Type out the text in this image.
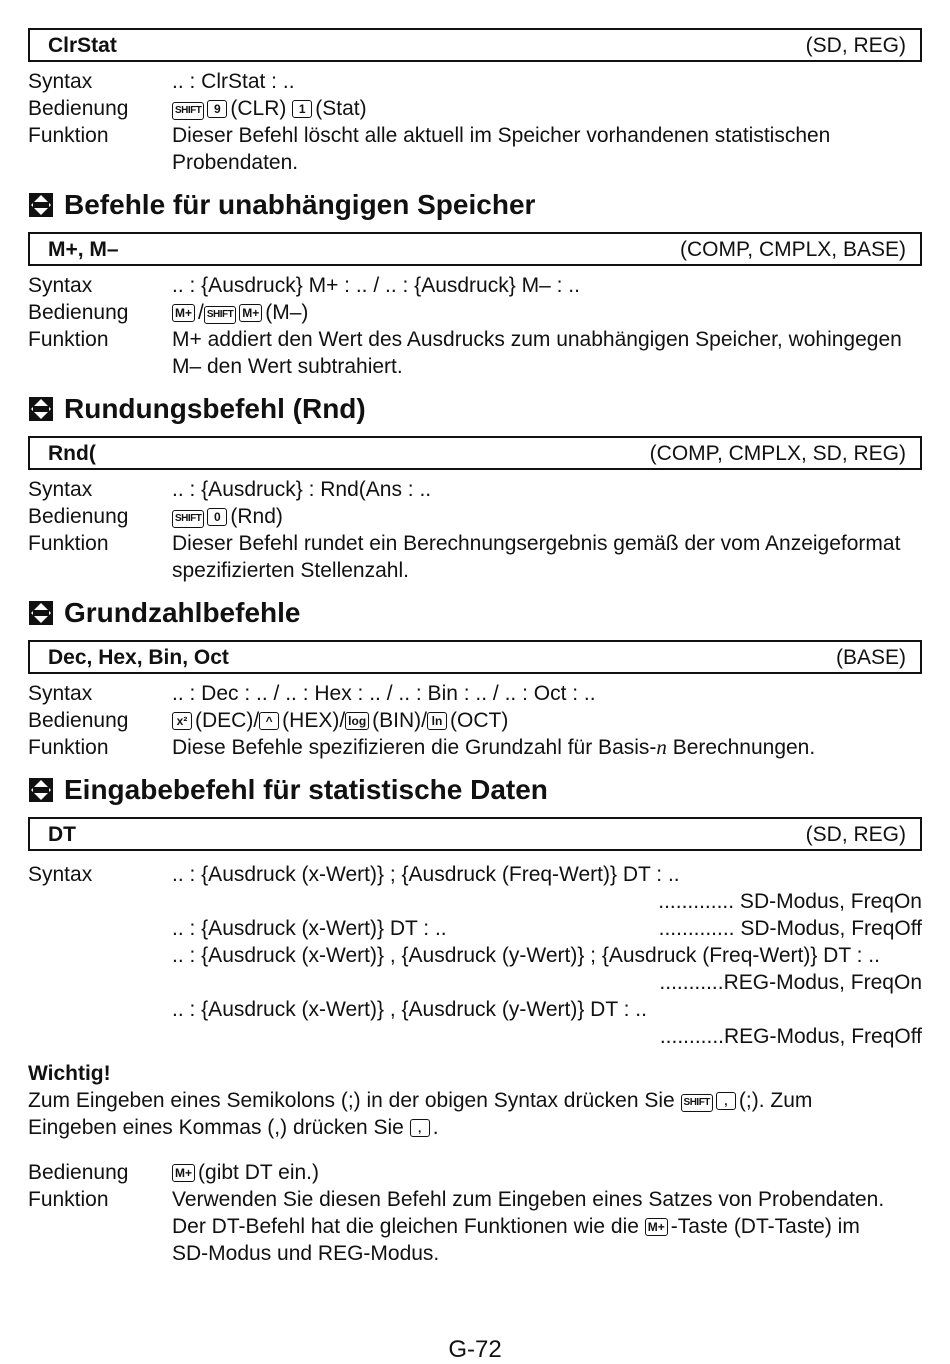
ClrStat	(SD, REG)
Syntax	.. : ClrStat : ..
Bedienung	SHIFT 9 (CLR) 1 (Stat)
Funktion	Dieser Befehl löscht alle aktuell im Speicher vorhandenen statistischen Probendaten.
Befehle für unabhängigen Speicher
M+, M–	(COMP, CMPLX, BASE)
Syntax	.. : {Ausdruck} M+ : .. / .. : {Ausdruck} M– : ..
Bedienung	M+ / SHIFT M+ (M–)
Funktion	M+ addiert den Wert des Ausdrucks zum unabhängigen Speicher, wohingegen M– den Wert subtrahiert.
Rundungsbefehl (Rnd)
Rnd(	(COMP, CMPLX, SD, REG)
Syntax	.. : {Ausdruck} : Rnd(Ans : ..
Bedienung	SHIFT 0 (Rnd)
Funktion	Dieser Befehl rundet ein Berechnungsergebnis gemäß der vom Anzeigeformat spezifizierten Stellenzahl.
Grundzahlbefehle
Dec, Hex, Bin, Oct	(BASE)
Syntax	.. : Dec : .. / .. : Hex : .. / .. : Bin : .. / .. : Oct : ..
Bedienung	x² (DEC)/ ^ (HEX)/ log (BIN)/ ln (OCT)
Funktion	Diese Befehle spezifizieren die Grundzahl für Basis-n Berechnungen.
Eingabebefehl für statistische Daten
DT	(SD, REG)
Syntax	.. : {Ausdruck (x-Wert)} ; {Ausdruck (Freq-Wert)} DT : ..
............. SD-Modus, FreqOn
.. : {Ausdruck (x-Wert)} DT : ..	............. SD-Modus, FreqOff
.. : {Ausdruck (x-Wert)} , {Ausdruck (y-Wert)} ; {Ausdruck (Freq-Wert)} DT : ..
...........REG-Modus, FreqOn
.. : {Ausdruck (x-Wert)} , {Ausdruck (y-Wert)} DT : ..
...........REG-Modus, FreqOff
Wichtig!
Zum Eingeben eines Semikolons (;) in der obigen Syntax drücken Sie SHIFT , (;). Zum
Eingeben eines Kommas (,) drücken Sie , .
Bedienung	M+ (gibt DT ein.)
Funktion	Verwenden Sie diesen Befehl zum Eingeben eines Satzes von Probendaten.
Der DT-Befehl hat die gleichen Funktionen wie die M+ -Taste (DT-Taste) im
SD-Modus und REG-Modus.
G-72
